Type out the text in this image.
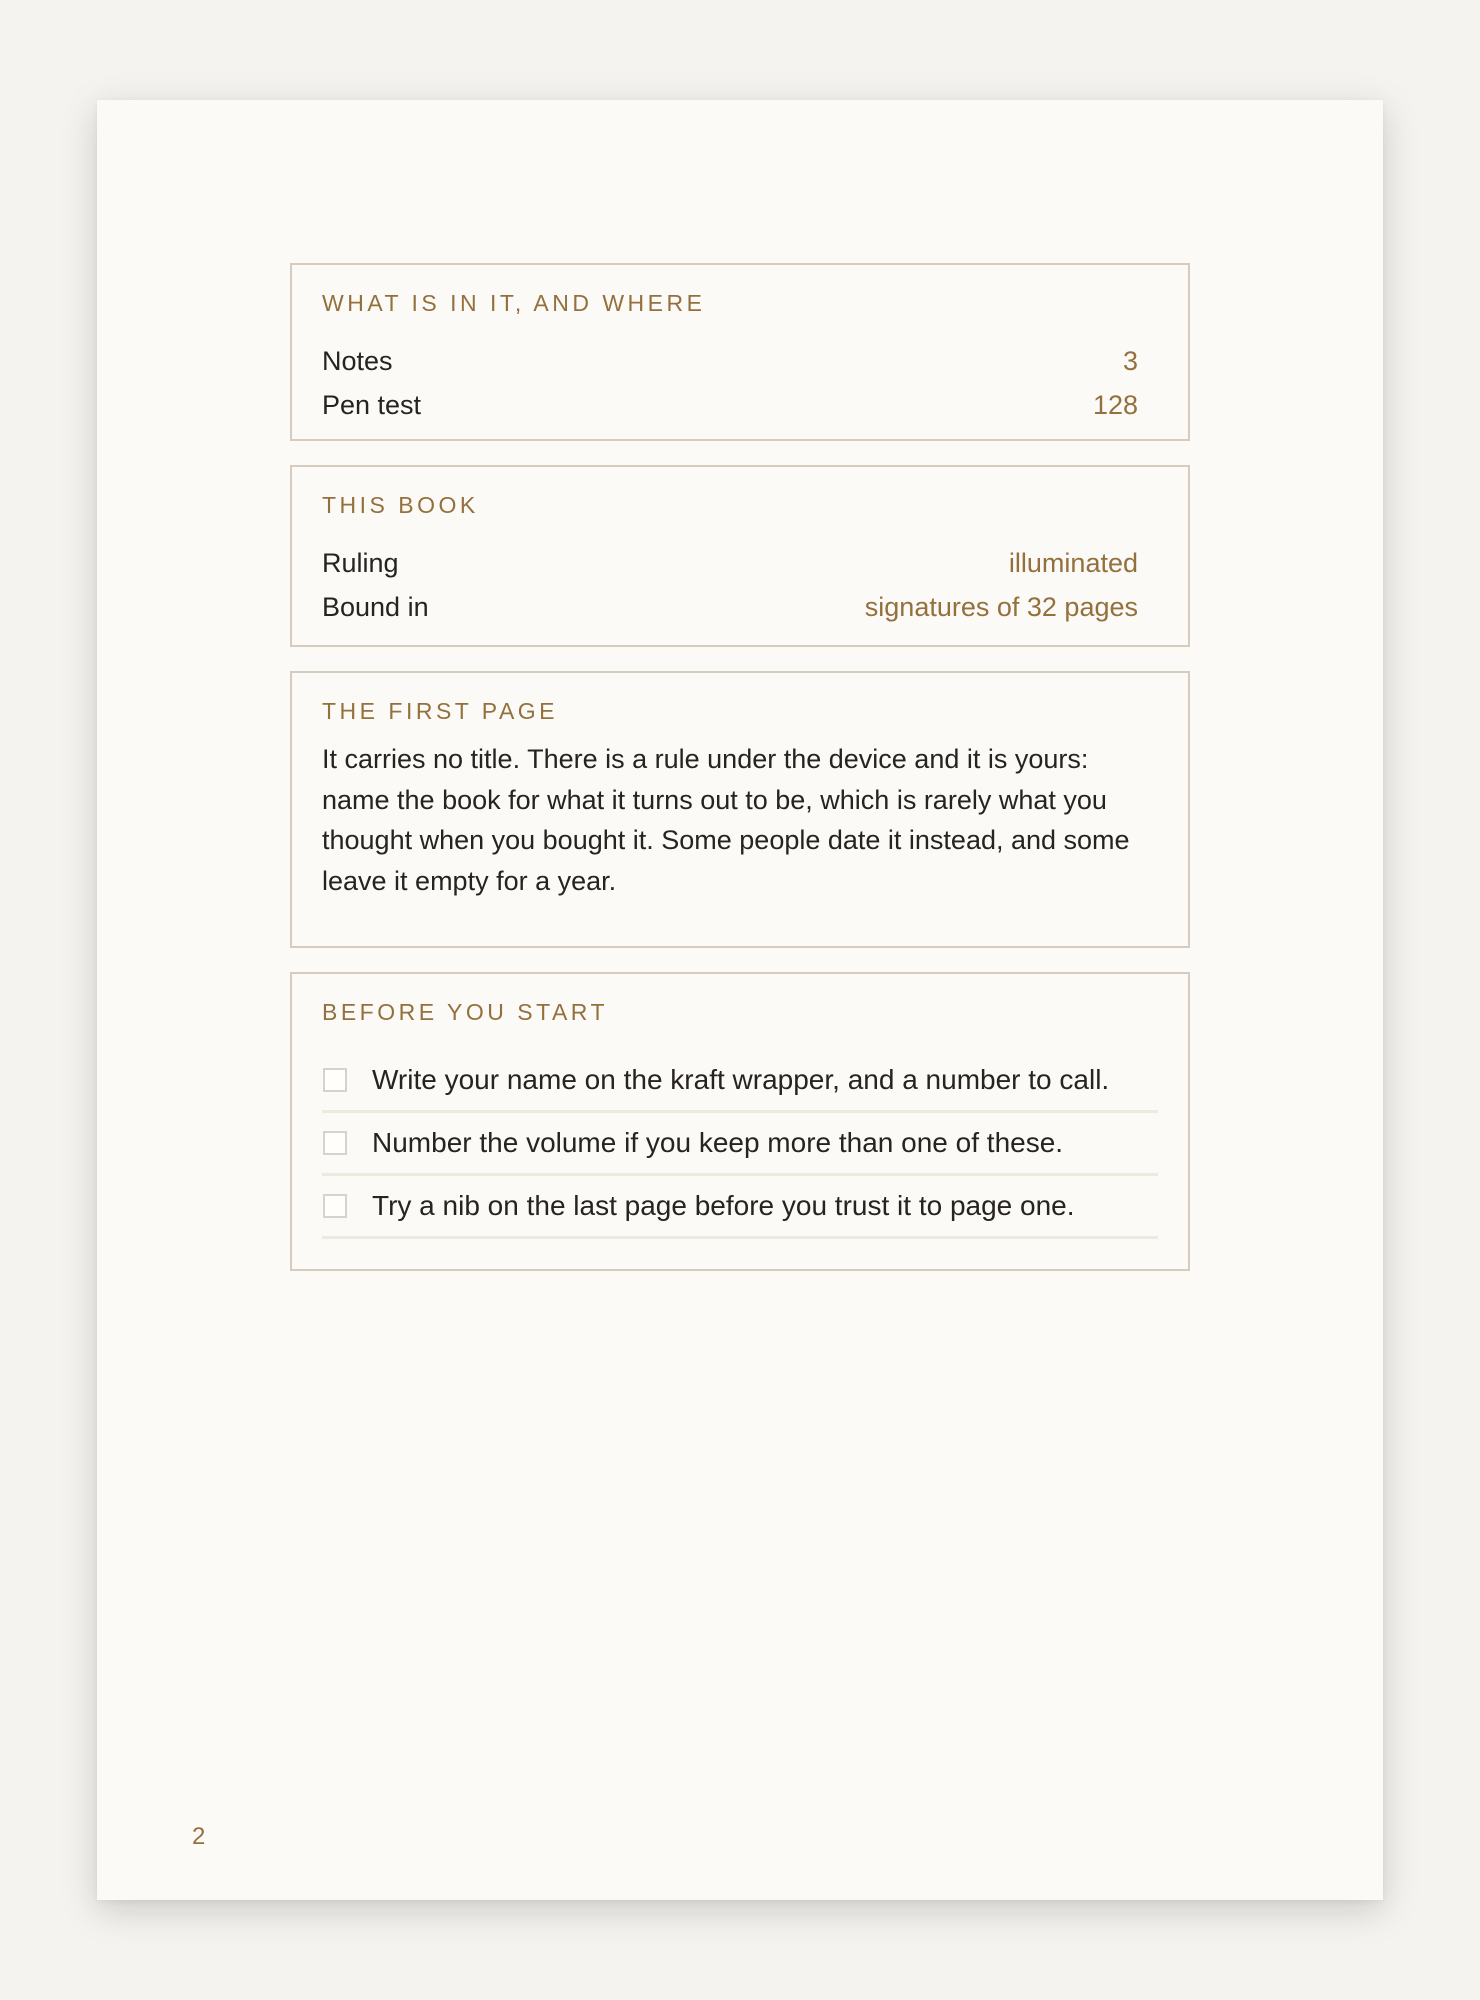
WHAT IS IN IT, AND WHERE
Notes	3
Pen test	128
THIS BOOK
Ruling	illuminated
Bound in	signatures of 32 pages
THE FIRST PAGE

It carries no title. There is a rule under the device and it is yours: name the book for what it turns out to be, which is rarely what you thought when you bought it. Some people date it instead, and some leave it empty for a year.

BEFORE YOU START
Write your name on the kraft wrapper, and a number to call.
Number the volume if you keep more than one of these.
Try a nib on the last page before you trust it to page one.
2
